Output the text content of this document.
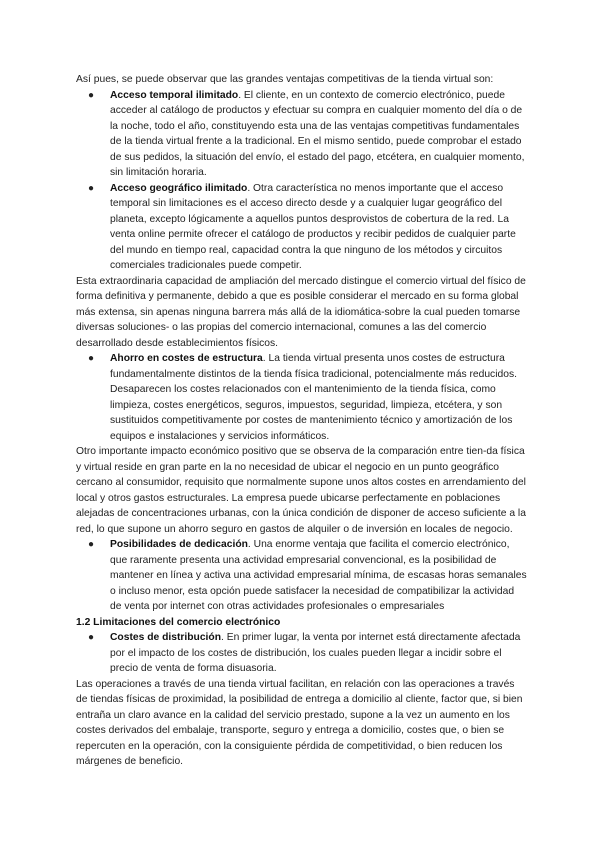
Así pues, se puede observar que las grandes ventajas competitivas de la tienda virtual son:

● Acceso temporal ilimitado. El cliente, en un contexto de comercio electrónico, puede acceder al catálogo de productos y efectuar su compra en cualquier momento del día o de la noche, todo el año, constituyendo esta una de las ventajas competitivas fundamentales de la tienda virtual frente a la tradicional. En el mismo sentido, puede comprobar el estado de sus pedidos, la situación del envío, el estado del pago, etcétera, en cualquier momento, sin limitación horaria.
● Acceso geográfico ilimitado. Otra característica no menos importante que el acceso temporal sin limitaciones es el acceso directo desde y a cualquier lugar geográfico del planeta, excepto lógicamente a aquellos puntos desprovistos de cobertura de la red. La venta online permite ofrecer el catálogo de productos y recibir pedidos de cualquier parte del mundo en tiempo real, capacidad contra la que ninguno de los métodos y circuitos comerciales tradicionales puede competir.

Esta extraordinaria capacidad de ampliación del mercado distingue el comercio virtual del físico de forma definitiva y permanente, debido a que es posible considerar el mercado en su forma global más extensa, sin apenas ninguna barrera más allá de la idiomática-sobre la cual pueden tomarse diversas soluciones- o las propias del comercio internacional, comunes a las del comercio desarrollado desde establecimientos físicos.

● Ahorro en costes de estructura. La tienda virtual presenta unos costes de estructura fundamentalmente distintos de la tienda física tradicional, potencialmente más reducidos. Desaparecen los costes relacionados con el mantenimiento de la tienda física, como limpieza, costes energéticos, seguros, impuestos, seguridad, limpieza, etcétera, y son sustituidos competitivamente por costes de mantenimiento técnico y amortización de los equipos e instalaciones y servicios informáticos.

Otro importante impacto económico positivo que se observa de la comparación entre tien-da física y virtual reside en gran parte en la no necesidad de ubicar el negocio en un punto geográfico cercano al consumidor, requisito que normalmente supone unos altos costes en arrendamiento del local y otros gastos estructurales. La empresa puede ubicarse perfectamente en poblaciones alejadas de concentraciones urbanas, con la única condición de disponer de acceso suficiente a la red, lo que supone un ahorro seguro en gastos de alquiler o de inversión en locales de negocio.

● Posibilidades de dedicación. Una enorme ventaja que facilita el comercio electrónico, que raramente presenta una actividad empresarial convencional, es la posibilidad de mantener en línea y activa una actividad empresarial mínima, de escasas horas semanales o incluso menor, esta opción puede satisfacer la necesidad de compatibilizar la actividad de venta por internet con otras actividades profesionales o empresariales

1.2 Limitaciones del comercio electrónico

● Costes de distribución. En primer lugar, la venta por internet está directamente afectada por el impacto de los costes de distribución, los cuales pueden llegar a incidir sobre el precio de venta de forma disuasoria.

Las operaciones a través de una tienda virtual facilitan, en relación con las operaciones a través de tiendas físicas de proximidad, la posibilidad de entrega a domicilio al cliente, factor que, si bien entraña un claro avance en la calidad del servicio prestado, supone a la vez un aumento en los costes derivados del embalaje, transporte, seguro y entrega a domicilio, costes que, o bien se repercuten en la operación, con la consiguiente pérdida de competitividad, o bien reducen los márgenes de beneficio.
